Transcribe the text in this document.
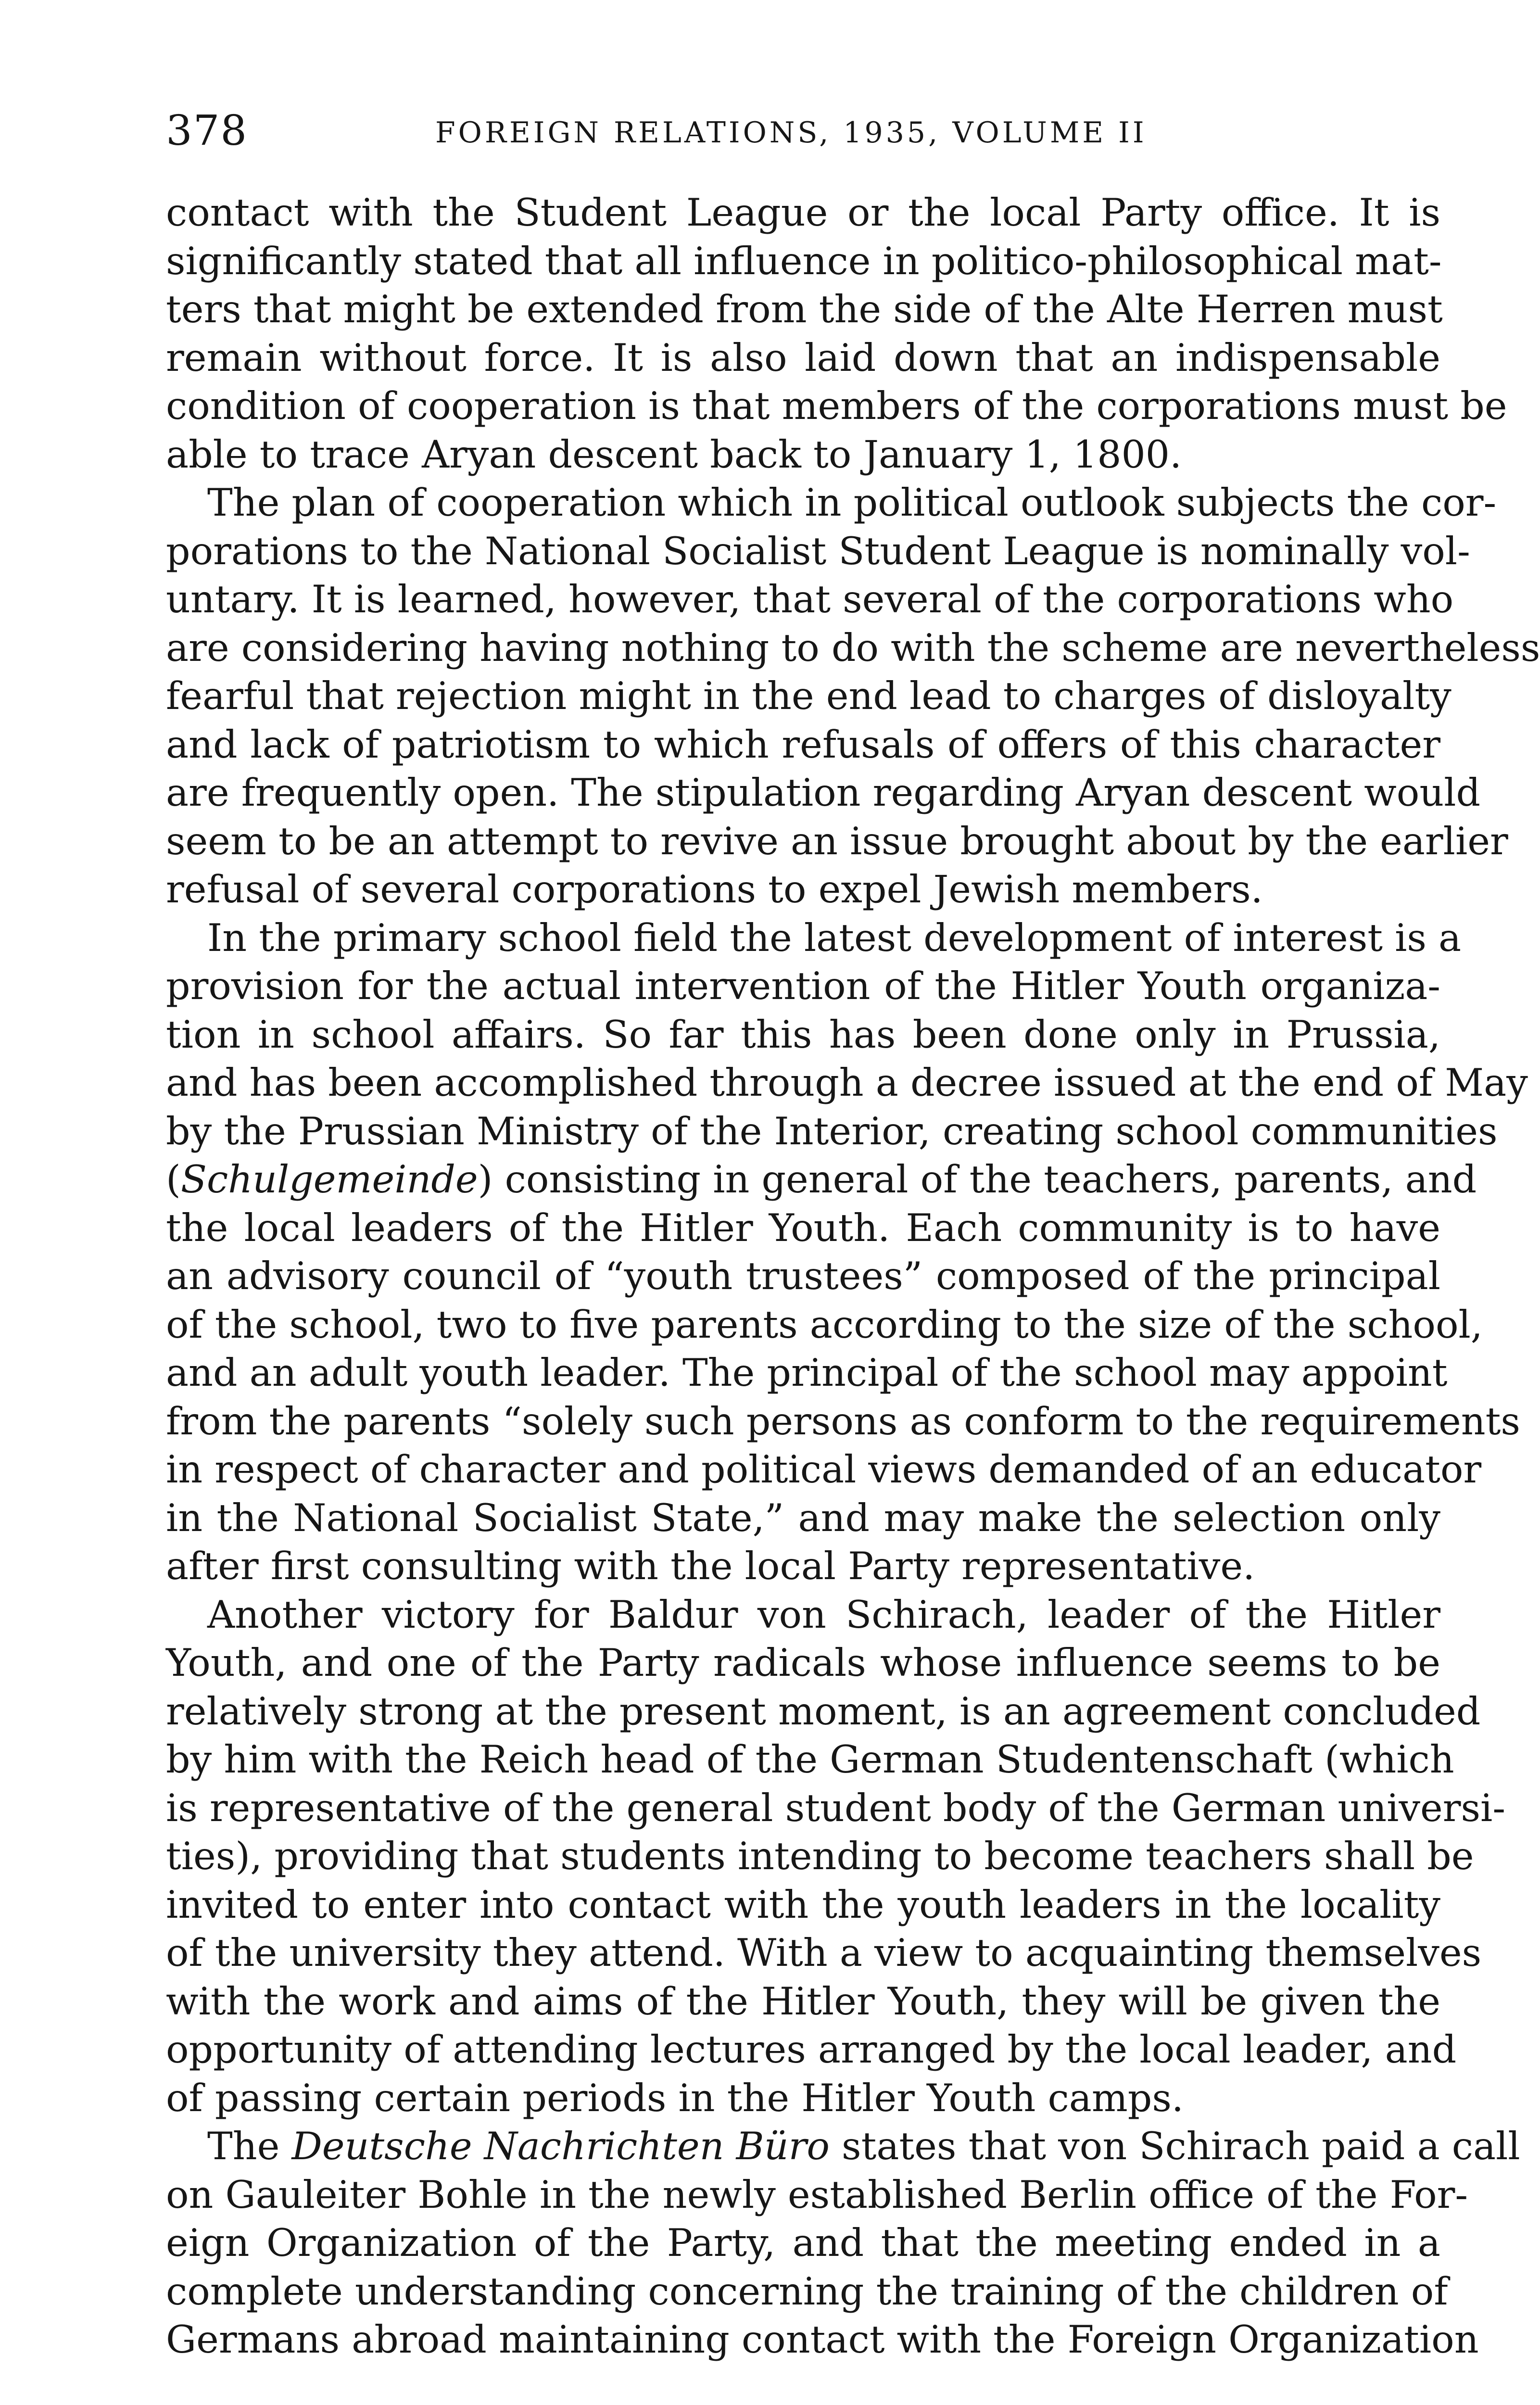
378	FOREIGN RELATIONS, 1935, VOLUME II
contact with the Student League or the local Party office. It is
significantly stated that all influence in politico-philosophical mat-
ters that might be extended from the side of the Alte Herren must
remain without force. It is also laid down that an indispensable
condition of cooperation is that members of the corporations must be
able to trace Aryan descent back to January 1, 1800.
The plan of cooperation which in political outlook subjects the cor-
porations to the National Socialist Student League is nominally vol-
untary. It is learned, however, that several of the corporations who
are considering having nothing to do with the scheme are nevertheless
fearful that rejection might in the end lead to charges of disloyalty
and lack of patriotism to which refusals of offers of this character
are frequently open. The stipulation regarding Aryan descent would
seem to be an attempt to revive an issue brought about by the earlier
refusal of several corporations to expel Jewish members.
In the primary school field the latest development of interest is a
provision for the actual intervention of the Hitler Youth organiza-
tion in school affairs. So far this has been done only in Prussia,
and has been accomplished through a decree issued at the end of May
by the Prussian Ministry of the Interior, creating school communities
(Schulgemeinde) consisting in general of the teachers, parents, and
the local leaders of the Hitler Youth. Each community is to have
an advisory council of “youth trustees” composed of the principal
of the school, two to five parents according to the size of the school,
and an adult youth leader. The principal of the school may appoint
from the parents “solely such persons as conform to the requirements
in respect of character and political views demanded of an educator
in the National Socialist State,” and may make the selection only
after first consulting with the local Party representative.
Another victory for Baldur von Schirach, leader of the Hitler
Youth, and one of the Party radicals whose influence seems to be
relatively strong at the present moment, is an agreement concluded
by him with the Reich head of the German Studentenschaft (which
is representative of the general student body of the German universi-
ties), providing that students intending to become teachers shall be
invited to enter into contact with the youth leaders in the locality
of the university they attend. With a view to acquainting themselves
with the work and aims of the Hitler Youth, they will be given the
opportunity of attending lectures arranged by the local leader, and
of passing certain periods in the Hitler Youth camps.
The Deutsche Nachrichten Büro states that von Schirach paid a call
on Gauleiter Bohle in the newly established Berlin office of the For-
eign Organization of the Party, and that the meeting ended in a
complete understanding concerning the training of the children of
Germans abroad maintaining contact with the Foreign Organization
